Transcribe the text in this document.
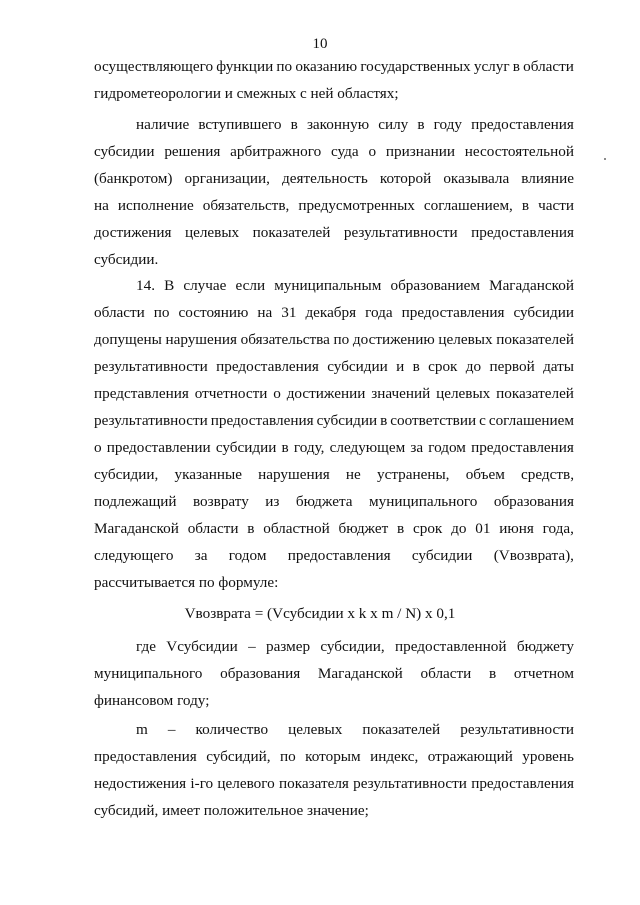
10
осуществляющего функции по оказанию государственных услуг в области
гидрометеорологии и смежных с ней областях;
наличие вступившего в законную силу в году предоставления
субсидии решения арбитражного суда о признании несостоятельной
(банкротом) организации, деятельность которой оказывала влияние
на исполнение обязательств, предусмотренных соглашением, в части
достижения целевых показателей результативности предоставления
субсидии.
14. В случае если муниципальным образованием Магаданской
области по состоянию на 31 декабря года предоставления субсидии
допущены нарушения обязательства по достижению целевых показателей
результативности предоставления субсидии и в срок до первой даты
представления отчетности о достижении значений целевых показателей
результативности предоставления субсидии в соответствии с соглашением
о предоставлении субсидии в году, следующем за годом предоставления
субсидии, указанные нарушения не устранены, объем средств,
подлежащий возврату из бюджета муниципального образования
Магаданской области в областной бюджет в срок до 01 июня года,
следующего за годом предоставления субсидии (Vвозврата),
рассчитывается по формуле:
Vвозврата = (Vсубсидии x k x m / N) x 0,1
где Vсубсидии – размер субсидии, предоставленной бюджету
муниципального образования Магаданской области в отчетном
финансовом году;
m – количество целевых показателей результативности
предоставления субсидий, по которым индекс, отражающий уровень
недостижения i-го целевого показателя результативности предоставления
субсидий, имеет положительное значение;
